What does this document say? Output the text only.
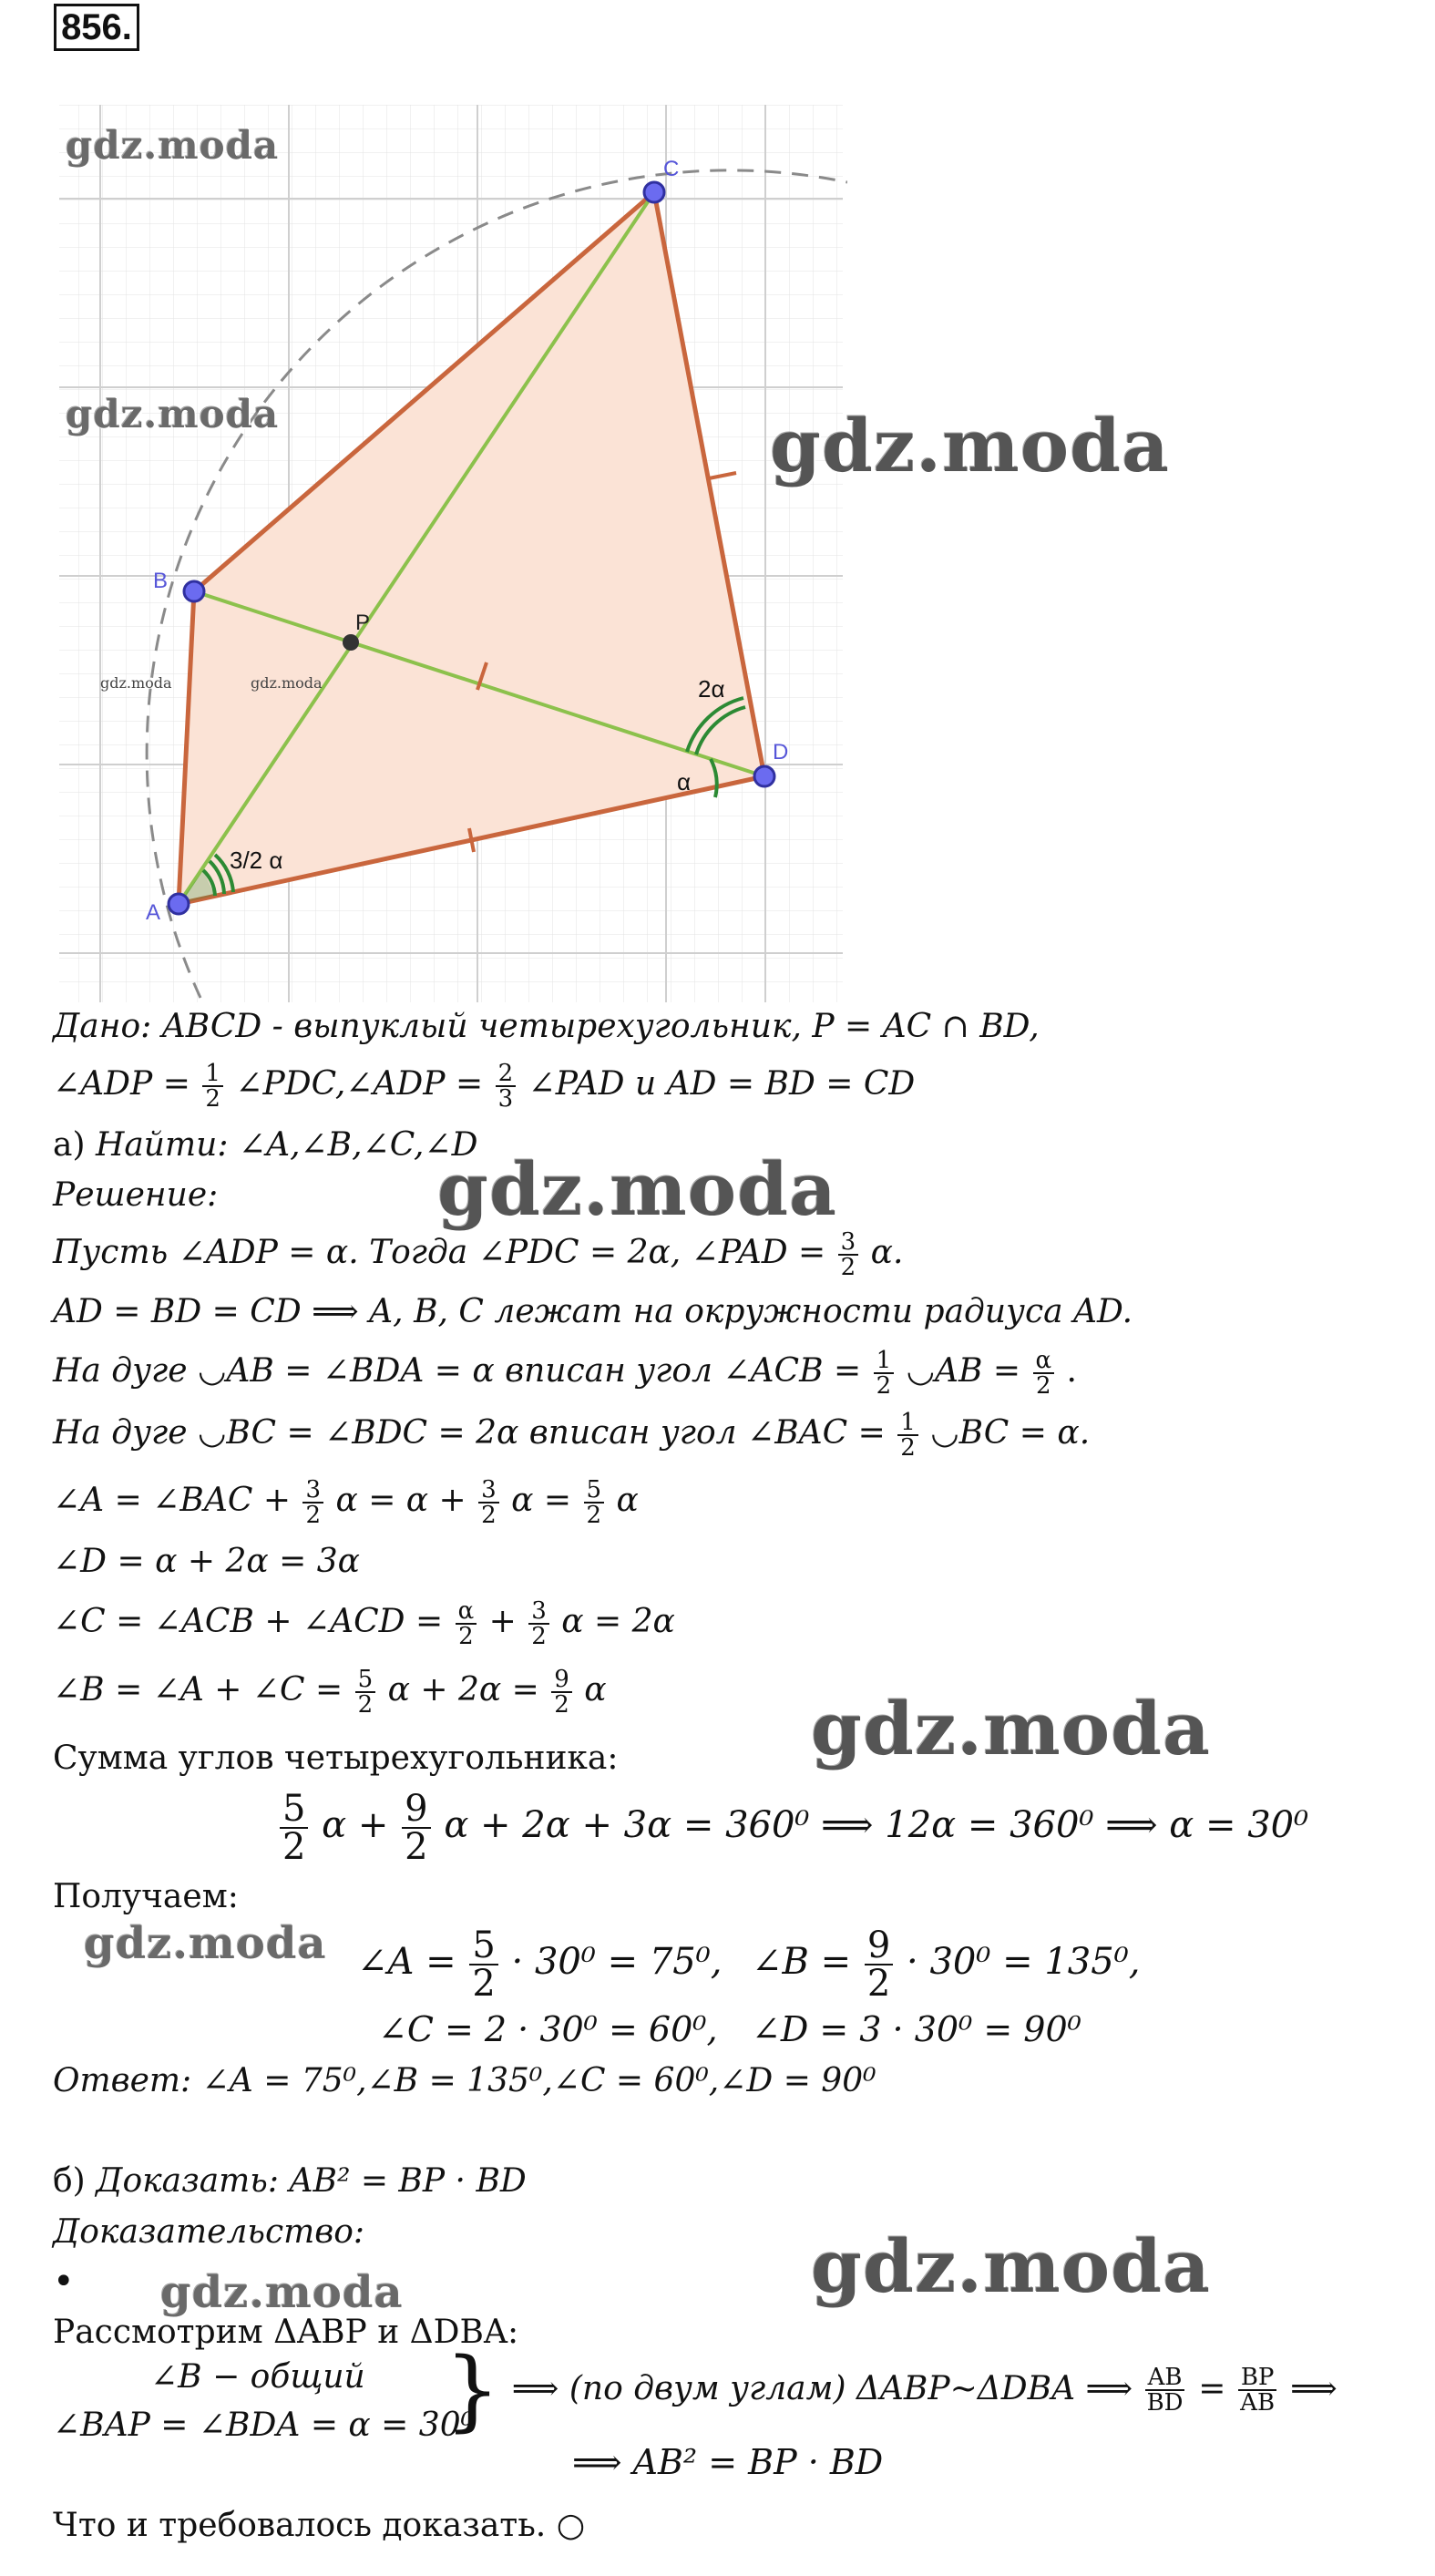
856.
A
B
C
D
P
3/2 α
2α
α
gdz.moda	gdz.moda
gdz.moda
gdz.moda	gdz.moda
gdz.moda
gdz.moda
gdz.moda
gdz.moda
gdz.moda
Дано: ABCD - выпуклый четырехугольник, P = AC ∩ BD,
∠ADP = $\frac{1}{2}$ ∠PDC,∠ADP = $\frac{2}{3}$ ∠PAD и AD = BD = CD
а) Найти: ∠A,∠B,∠C,∠D
Решение:
Пусть ∠ADP = α. Тогда ∠PDC = 2α, ∠PAD = $\frac{3}{2} \alpha$.
AD = BD = CD ⟹ A, B, C лежат на окружности радиуса AD.
На дуге ◡AB = ∠BDA = α вписан угол ∠ACB = $\frac{1}{2}$ ◡AB = $\frac{\alpha}{2}$ .
На дуге ◡BC = ∠BDC = 2α вписан угол ∠BAC = $\frac{1}{2}$ ◡BC = α.
∠A = ∠BAC + $\frac{3}{2}$ $\alpha = \alpha + \frac{3}{2}$ $\alpha = \frac{5}{2}$ α
∠D = α + 2α = 3α
∠C = ∠ACB + ∠ACD = $\frac{\alpha}{2} + \frac{3}{2}$ α = 2α
∠B = ∠A + ∠C = $\frac{5}{2}$ $\alpha + 2\alpha = \frac{9}{2}$ α
Сумма углов четырехугольника:
$\frac{5}{2}$ $\alpha + \frac{9}{2}$ α + 2α + 3α = 360⁰ ⟹ 12α = 360⁰ ⟹ α = 30⁰
Получаем:
∠A = $\frac{5}{2} \cdot 30^0 = 75^0$, ∠B = $\frac{9}{2} \cdot 30^0 = 135^0$,
∠C = 2 · 30⁰ = 60⁰, ∠D = 3 · 30⁰ = 90⁰
Ответ: ∠A = 75⁰,∠B = 135⁰,∠C = 60⁰,∠D = 90⁰
б) Доказать: AB² = BP · BD
Доказательство:
•
Рассмотрим ΔABP и ΔDBA:
∠B − общий
∠BAP = ∠BDA = α = 30⁰
} ⟹ (по двум углам) ΔABP~ΔDBA ⟹ $\frac{AB}{BD} = \frac{BP}{AB}$ ⟹
⟹ AB² = BP · BD
Что и требовалось доказать. ○
